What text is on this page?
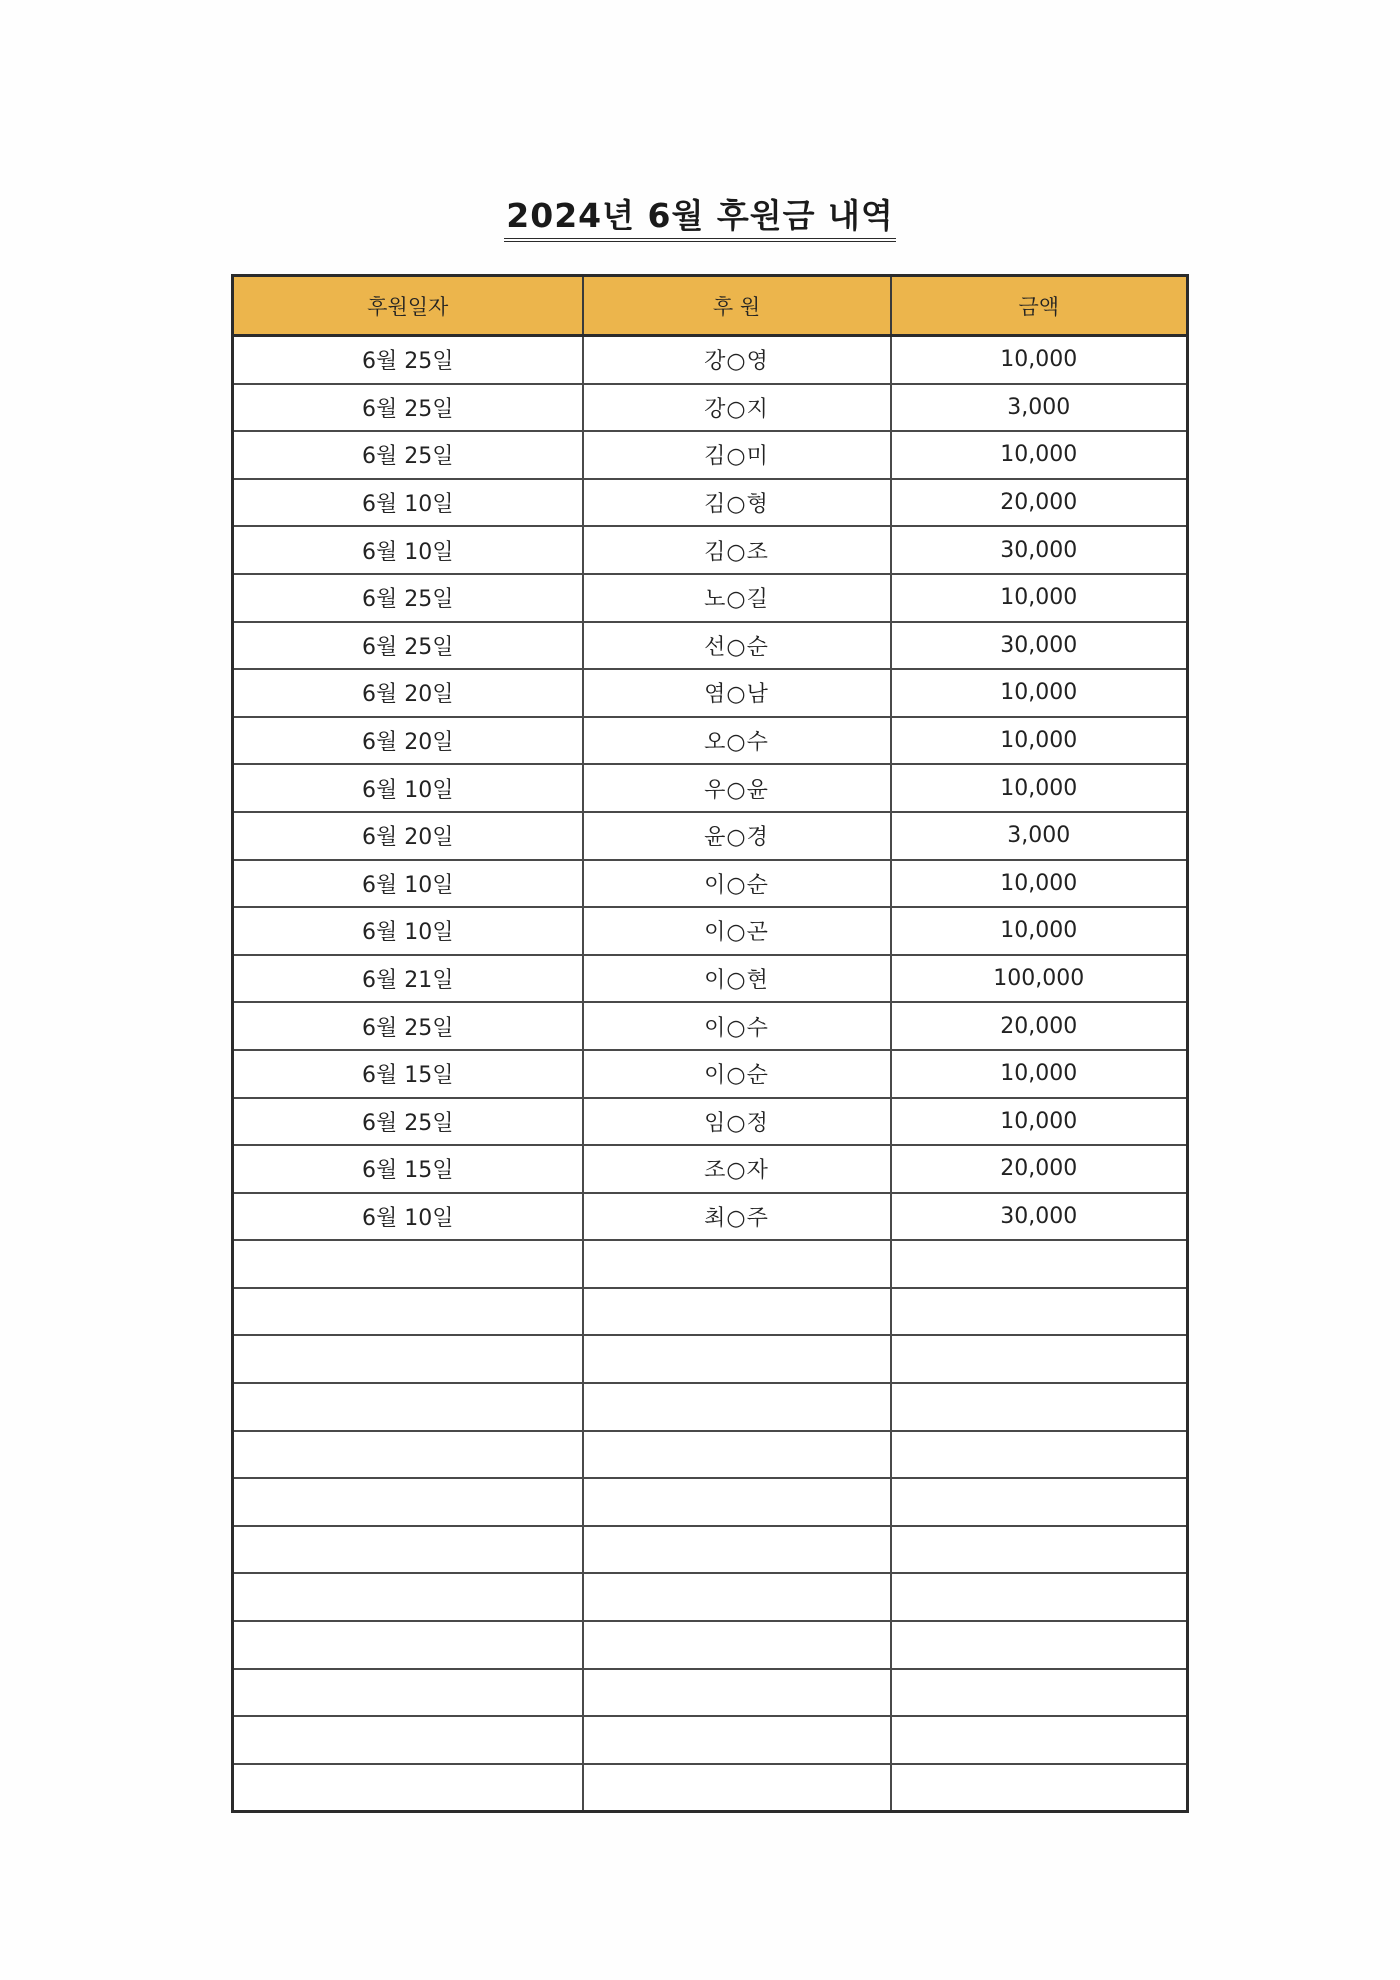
2024년 6월 후원금 내역
후원일자	후 원	금액
6월 25일	강○영	10,000
6월 25일	강○지	3,000
6월 25일	김○미	10,000
6월 10일	김○형	20,000
6월 10일	김○조	30,000
6월 25일	노○길	10,000
6월 25일	선○순	30,000
6월 20일	염○남	10,000
6월 20일	오○수	10,000
6월 10일	우○윤	10,000
6월 20일	윤○경	3,000
6월 10일	이○순	10,000
6월 10일	이○곤	10,000
6월 21일	이○현	100,000
6월 25일	이○수	20,000
6월 15일	이○순	10,000
6월 25일	임○정	10,000
6월 15일	조○자	20,000
6월 10일	최○주	30,000
